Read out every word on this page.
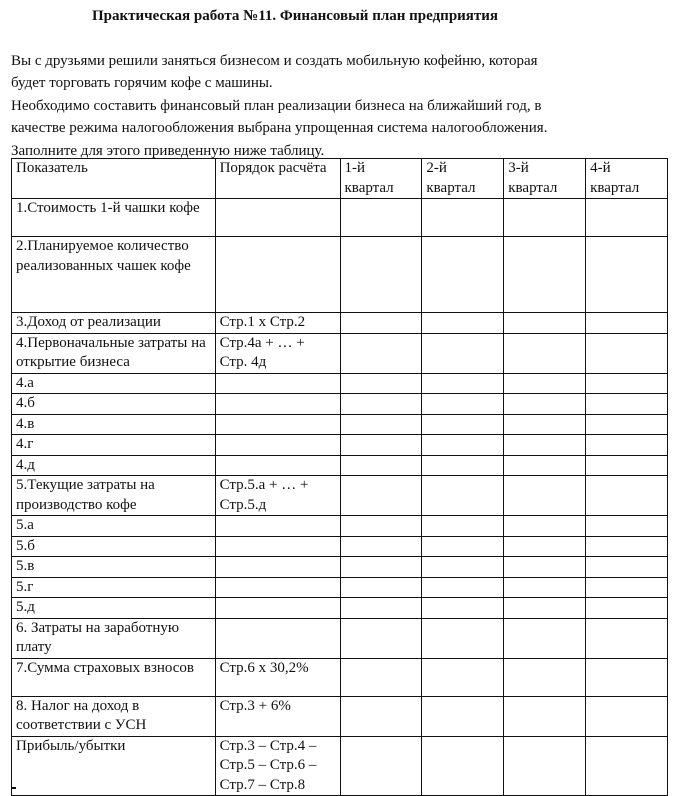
Практическая работа №11. Финансовый план предприятия

Вы с друзьями решили заняться бизнесом и создать мобильную кофейню, которая

будет торговать горячим кофе с машины.

Необходимо составить финансовый план реализации бизнеса на ближайший год, в

качестве режима налогообложения выбрана упрощенная система налогообложения.

Заполните для этого приведенную ниже таблицу.

Показатель	Порядок расчёта	1-й квартал	2-й квартал	3-й квартал	4-й квартал
1.Стоимость 1-й чашки кофе					
2.Планируемое количество реализованных чашек кофе					
3.Доход от реализации	Стр.1 х Стр.2				
4.Первоначальные затраты на открытие бизнеса	Стр.4а + … + Стр. 4д				
4.а					
4.б					
4.в					
4.г					
4.д					
5.Текущие затраты на производство кофе	Стр.5.а + … + Стр.5.д				
5.а					
5.б					
5.в					
5.г					
5.д					
6. Затраты на заработную плату					
7.Сумма страховых взносов	Стр.6 х 30,2%				
8. Налог на доход в соответствии с УСН	Стр.3 + 6%				
Прибыль/убытки	Стр.3 – Стр.4 – Стр.5 – Стр.6 – Стр.7 – Стр.8				
